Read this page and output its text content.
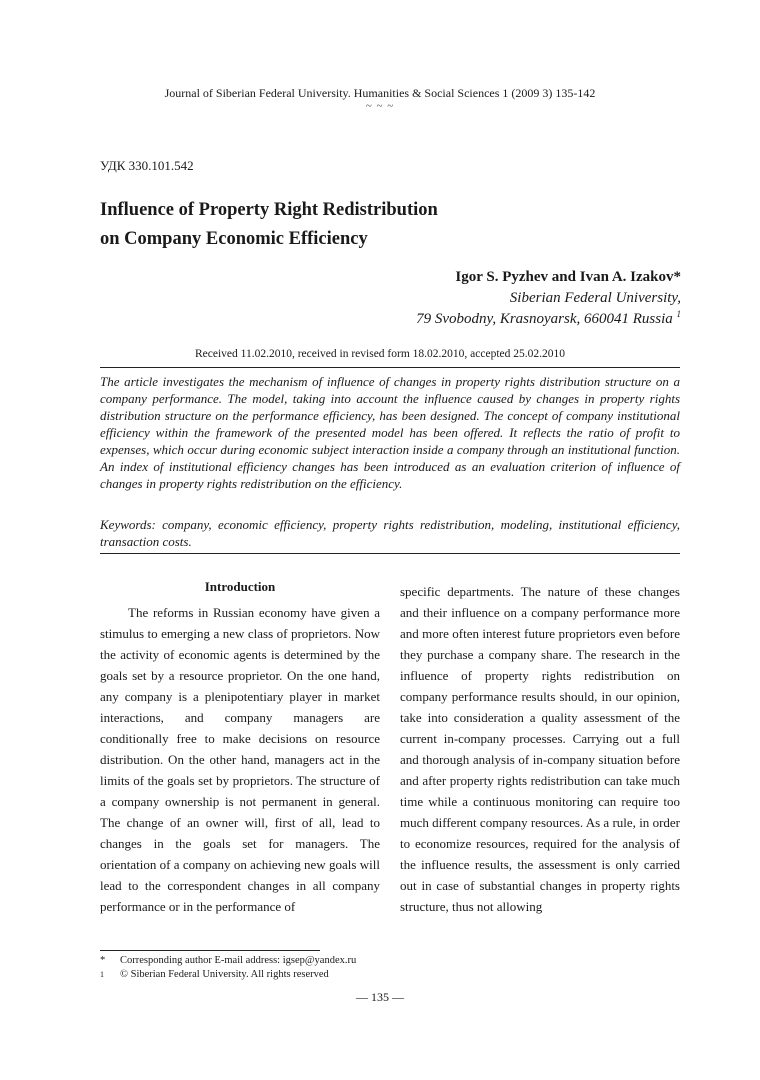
Journal of Siberian Federal University. Humanities & Social Sciences 1 (2009 3) 135-142
~ ~ ~
УДК 330.101.542
Influence of Property Right Redistribution
on Company Economic Efficiency
Igor S. Pyzhev and Ivan A. Izakov*
Siberian Federal University,
79 Svobodny, Krasnoyarsk, 660041 Russia $^1$
Received 11.02.2010, received in revised form 18.02.2010, accepted 25.02.2010
The article investigates the mechanism of influence of changes in property rights distribution structure on a company performance. The model, taking into account the influence caused by changes in property rights distribution structure on the performance efficiency, has been designed. The concept of company institutional efficiency within the framework of the presented model has been offered. It reflects the ratio of profit to expenses, which occur during economic subject interaction inside a company through an institutional function. An index of institutional efficiency changes has been introduced as an evaluation criterion of influence of changes in property rights redistribution on the efficiency.
Keywords: company, economic efficiency, property rights redistribution, modeling, institutional efficiency, transaction costs.
Introduction

The reforms in Russian economy have given a stimulus to emerging a new class of proprietors. Now the activity of economic agents is determined by the goals set by a resource proprietor. On the one hand, any company is a plenipotentiary player in market interactions, and company managers are conditionally free to make decisions on resource distribution. On the other hand, managers act in the limits of the goals set by proprietors. The structure of a company ownership is not permanent in general. The change of an owner will, first of all, lead to changes in the goals set for managers. The orientation of a company on achieving new goals will lead to the correspondent changes in all company performance or in the performance of

specific departments. The nature of these changes and their influence on a company performance more and more often interest future proprietors even before they purchase a company share. The research in the influence of property rights redistribution on company performance results should, in our opinion, take into consideration a quality assessment of the current in-company processes. Carrying out a full and thorough analysis of in-company situation before and after property rights redistribution can take much time while a continuous monitoring can require too much different company resources. As a rule, in order to economize resources, required for the analysis of the influence results, the assessment is only carried out in case of substantial changes in property rights structure, thus not allowing

*	Corresponding author E-mail address: igsep@yandex.ru
1	© Siberian Federal University. All rights reserved
— 135 —
